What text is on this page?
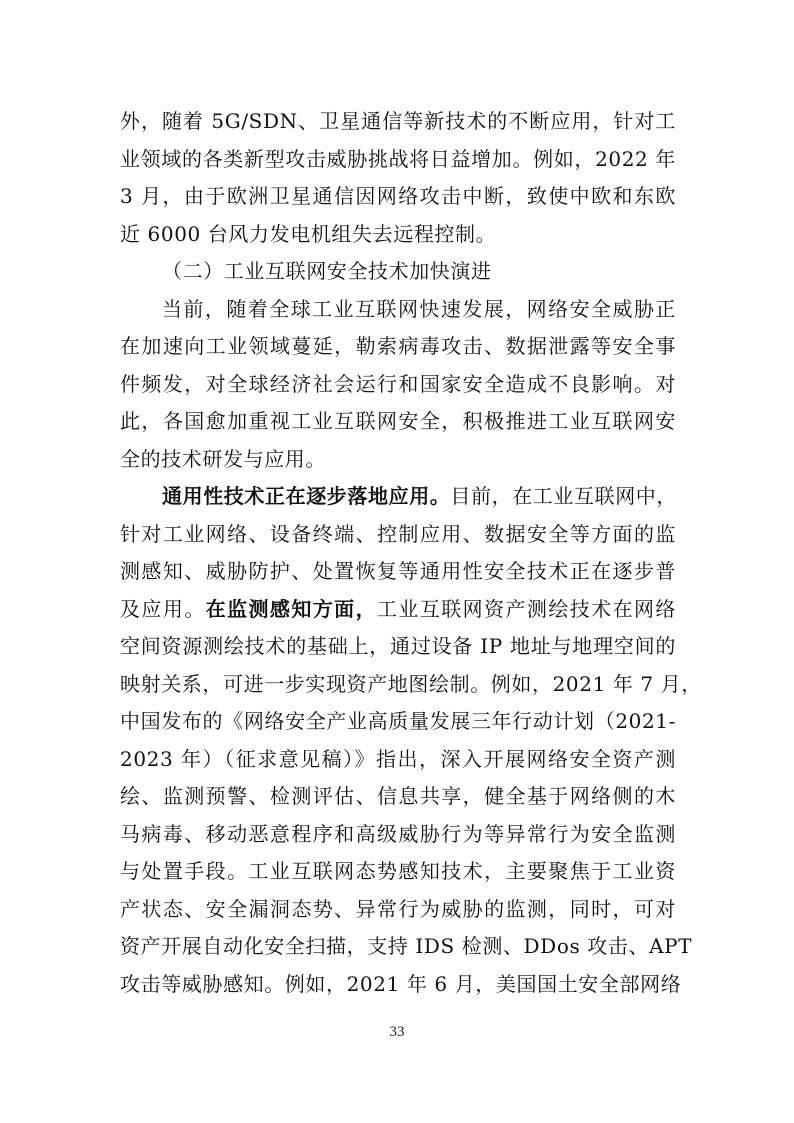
外，随着 5G/SDN、卫星通信等新技术的不断应用，针对工
业领域的各类新型攻击威胁挑战将日益增加。例如，2022 年
3 月，由于欧洲卫星通信因网络攻击中断，致使中欧和东欧
近 6000 台风力发电机组失去远程控制。
（二）工业互联网安全技术加快演进
当前，随着全球工业互联网快速发展，网络安全威胁正
在加速向工业领域蔓延，勒索病毒攻击、数据泄露等安全事
件频发，对全球经济社会运行和国家安全造成不良影响。对
此，各国愈加重视工业互联网安全，积极推进工业互联网安
全的技术研发与应用。
通用性技术正在逐步落地应用。目前，在工业互联网中，
针对工业网络、设备终端、控制应用、数据安全等方面的监
测感知、威胁防护、处置恢复等通用性安全技术正在逐步普
及应用。在监测感知方面，工业互联网资产测绘技术在网络
空间资源测绘技术的基础上，通过设备 IP 地址与地理空间的
映射关系，可进一步实现资产地图绘制。例如，2021 年 7 月，
中国发布的《网络安全产业高质量发展三年行动计划（2021-
2023 年）（征求意见稿）》指出，深入开展网络安全资产测
绘、监测预警、检测评估、信息共享，健全基于网络侧的木
马病毒、移动恶意程序和高级威胁行为等异常行为安全监测
与处置手段。工业互联网态势感知技术，主要聚焦于工业资
产状态、安全漏洞态势、异常行为威胁的监测，同时，可对
资产开展自动化安全扫描，支持 IDS 检测、DDos 攻击、APT
攻击等威胁感知。例如，2021 年 6 月，美国国土安全部网络
33
